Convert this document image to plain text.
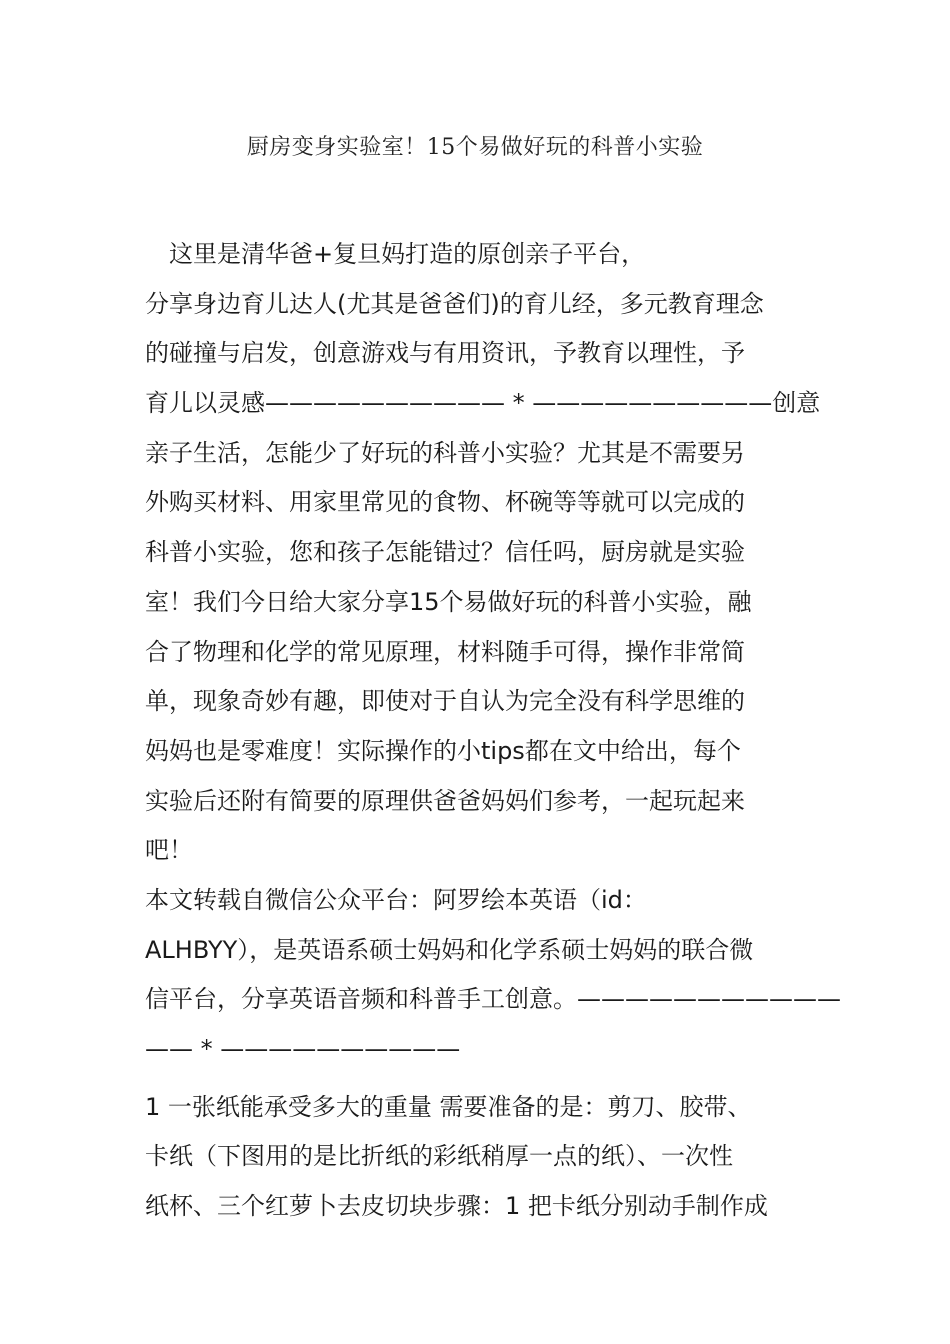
厨房变身实验室！15个易做好玩的科普小实验
　这里是清华爸+复旦妈打造的原创亲子平台，
分享身边育儿达人(尤其是爸爸们)的育儿经，多元教育理念
的碰撞与启发，创意游戏与有用资讯，予教育以理性，予
育儿以灵感—————————— * ——————————创意
亲子生活，怎能少了好玩的科普小实验？尤其是不需要另
外购买材料、用家里常见的食物、杯碗等等就可以完成的
科普小实验，您和孩子怎能错过？信任吗，厨房就是实验
室！我们今日给大家分享15个易做好玩的科普小实验，融
合了物理和化学的常见原理，材料随手可得，操作非常简
单，现象奇妙有趣，即使对于自认为完全没有科学思维的
妈妈也是零难度！实际操作的小tips都在文中给出，每个
实验后还附有简要的原理供爸爸妈妈们参考，一起玩起来
吧！
本文转载自微信公众平台：阿罗绘本英语（id：
ALHBYY），是英语系硕士妈妈和化学系硕士妈妈的联合微
信平台，分享英语音频和科普手工创意。———————————
—— * ——————————
1 一张纸能承受多大的重量 需要准备的是：剪刀、胶带、
卡纸（下图用的是比折纸的彩纸稍厚一点的纸）、一次性
纸杯、三个红萝卜去皮切块步骤：1 把卡纸分别动手制作成
